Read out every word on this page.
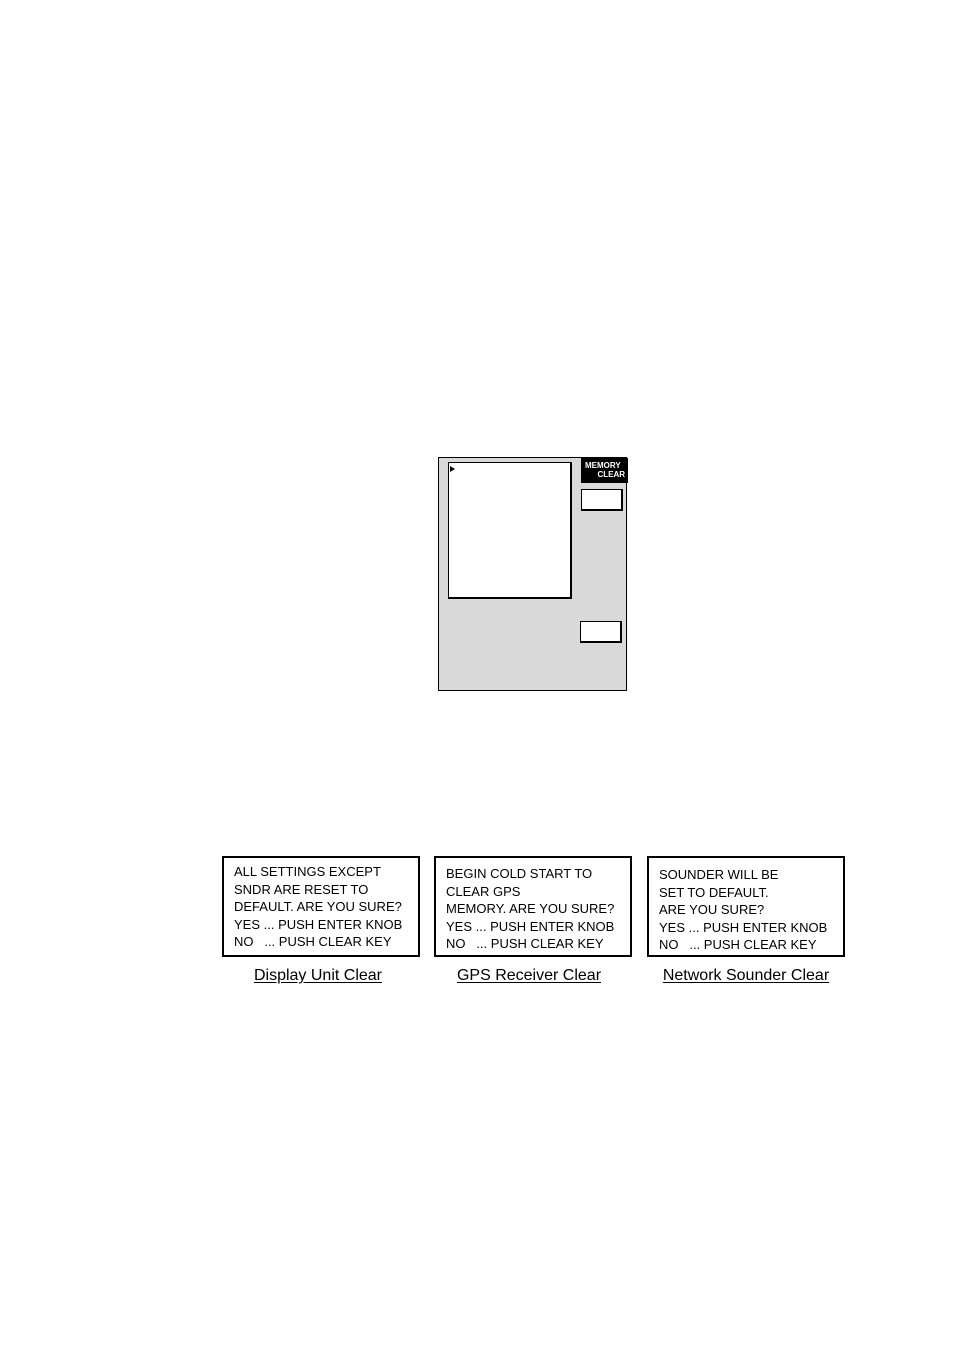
MEMORY
CLEAR
ALL SETTINGS EXCEPT
SNDR ARE RESET TO
DEFAULT. ARE YOU SURE?
YES ... PUSH ENTER KNOB
NO   ... PUSH CLEAR KEY
Display Unit Clear
BEGIN COLD START TO
CLEAR GPS
MEMORY. ARE YOU SURE?
YES ... PUSH ENTER KNOB
NO   ... PUSH CLEAR KEY
GPS Receiver Clear
SOUNDER WILL BE
SET TO DEFAULT.
ARE YOU SURE?
YES ... PUSH ENTER KNOB
NO   ... PUSH CLEAR KEY
Network Sounder Clear
